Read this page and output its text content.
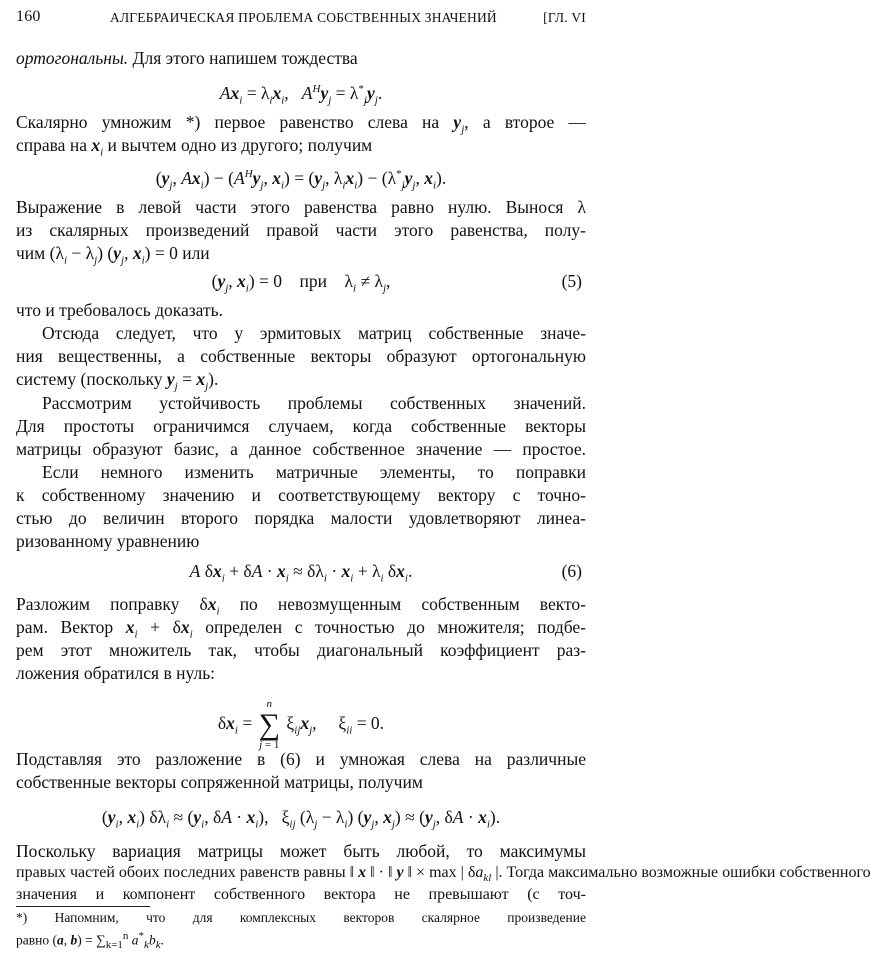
160	АЛГЕБРАИЧЕСКАЯ ПРОБЛЕМА СОБСТВЕННЫХ ЗНАЧЕНИЙ	[ГЛ. VI
ортогональны. Для этого напишем тождества
$Ax_i = \lambda_ix_i$,   $A^Hy_j = \lambda^*_jy_j$.
Скалярно умножим *) первое равенство слева на $y_j$, а второе —
справа на $x_i$ и вычтем одно из другого; получим
($y_j$, $Ax_i) - (A^Hy_j$, $x_i) = (y_j$, $\lambda_ix_i) - (\lambda^*_jy_j$, $x_i$).
Выражение в левой части этого равенства равно нулю. Вынося λ
из скалярных произведений правой части этого равенства, полу-
чим $(\lambda_i - \lambda_j)$ ($y_j$, $x_i) = 0$ или
($y_j$, $x_i) = 0$    при    $\lambda_i \ne \lambda_j$,	(5)
что и требовалось доказать.
Отсюда следует, что у эрмитовых матриц собственные значе-
ния вещественны, а собственные векторы образуют ортогональную
систему (поскольку $y_j = x_j$).
Рассмотрим устойчивость проблемы собственных значений.
Для простоты ограничимся случаем, когда собственные векторы
матрицы образуют базис, а данное собственное значение — простое.
Если немного изменить матричные элементы, то поправки
к собственному значению и соответствующему вектору с точно-
стью до величин второго порядка малости удовлетворяют линеа-
ризованному уравнению
A $\delta x_i + \delta A \cdot x_i \approx \delta\lambda_i \cdot x_i + \lambda_i$ $\delta x_i$.	(6)
Разложим поправку $\delta x_i$ по невозмущенным собственным векто-
рам. Вектор $x_i + \delta x_i$ определен с точностью до множителя; подбе-
рем этот множитель так, чтобы диагональный коэффициент раз-
ложения обратился в нуль:
$\delta x_i$ =
n
∑
j = 1
$\xi_{ij}x_j$,     $\xi_{ii} = 0$.
Подставляя это разложение в (6) и умножая слева на различные
собственные векторы сопряженной матрицы, получим
($y_i$, $x_i$) $\delta\lambda_i \approx (y_i$, $\delta A \cdot x_i$),   $\xi_{ij}$ $(\lambda_j - \lambda_i)$ ($y_j$, $x_j) \approx (y_j$, $\delta A \cdot x_i$).
Поскольку вариация матрицы может быть любой, то максимумы
правых частей обоих последних равенств равны ‖ x ‖ · ‖ y ‖ × max | $\delta a_{kl}$ |. Тогда максимально возможные ошибки собственного
значения и компонент собственного вектора не превышают (с точ-
*) Напомним, что для комплексных векторов скалярное произведение
равно (a, $b) = \sum_{k=1}^n$ $a^*_kb_k$.
